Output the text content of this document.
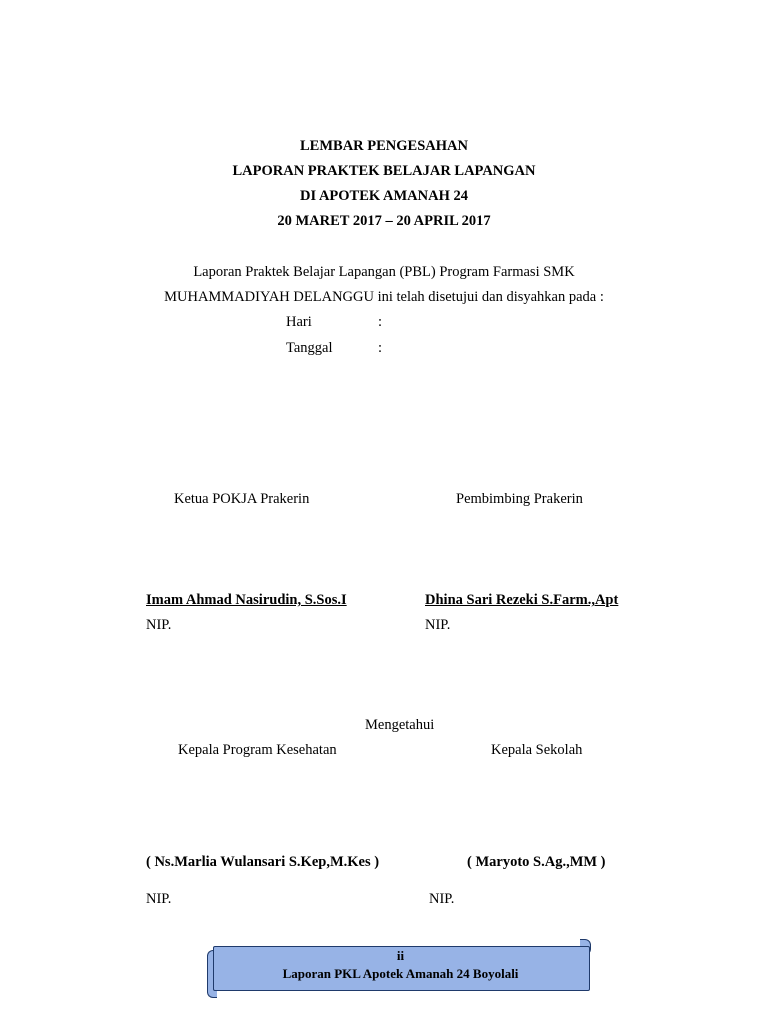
LEMBAR PENGESAHAN
LAPORAN PRAKTEK BELAJAR LAPANGAN
DI APOTEK AMANAH 24
20 MARET 2017 – 20 APRIL 2017
Laporan Praktek Belajar Lapangan (PBL) Program Farmasi SMK
MUHAMMADIYAH DELANGGU ini telah disetujui dan disyahkan pada :
Hari	:
Tanggal	:
Ketua POKJA Prakerin	Pembimbing Prakerin
Imam Ahmad Nasirudin, S.Sos.I	Dhina Sari Rezeki S.Farm.,Apt
NIP.	NIP.
Mengetahui
Kepala Program Kesehatan	Kepala Sekolah
( Ns.Marlia Wulansari S.Kep,M.Kes )	( Maryoto S.Ag.,MM )
NIP.	NIP.
ii
Laporan PKL Apotek Amanah 24 Boyolali
